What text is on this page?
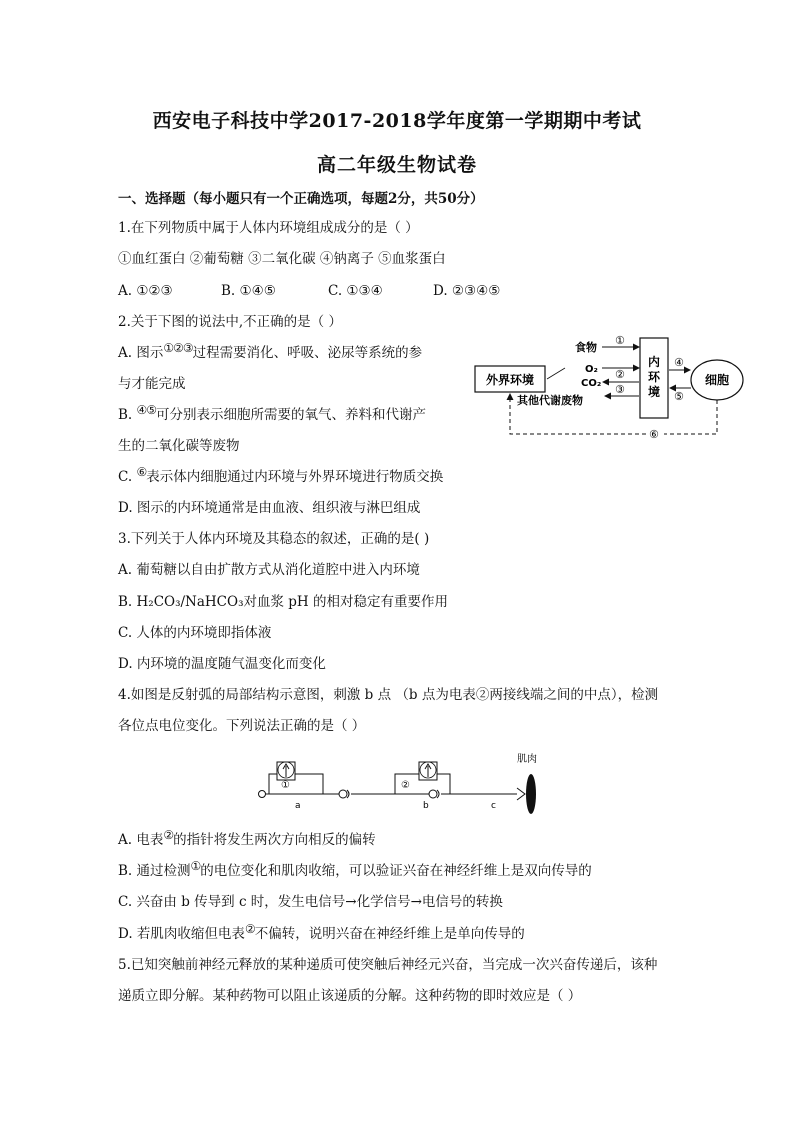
西安电子科技中学2017-2018学年度第一学期期中考试
高二年级生物试卷
一、选择题（每小题只有一个正确选项，每题2分，共50分）
1.在下列物质中属于人体内环境组成成分的是（ ）
①血红蛋白 ②葡萄糖 ③二氧化碳 ④钠离子 ⑤血浆蛋白
A. ①②③	B. ①④⑤	C. ①③④	D. ②③④⑤
2.关于下图的说法中,不正确的是（ ）
A. 图示①②③过程需要消化、呼吸、泌尿等系统的参
与才能完成
B. ④⑤可分别表示细胞所需要的氧气、养料和代谢产
生的二氧化碳等废物
C. ⑥表示体内细胞通过内环境与外界环境进行物质交换
D. 图示的内环境通常是由血液、组织液与淋巴组成
外界环境
内
环
境
细胞
食物
①
O₂
CO₂
②
其他代谢废物
③
④
⑤
⑥
3.下列关于人体内环境及其稳态的叙述，正确的是( )
A. 葡萄糖以自由扩散方式从消化道腔中进入内环境
B. H₂CO₃/NaHCO₃对血浆 pH 的相对稳定有重要作用
C. 人体的内环境即指体液
D. 内环境的温度随气温变化而变化
4.如图是反射弧的局部结构示意图，刺激 b 点 （b 点为电表②两接线端之间的中点），检测
各位点电位变化。下列说法正确的是（ ）
肌肉
①
a
②
b	c
A. 电表②的指针将发生两次方向相反的偏转
B. 通过检测①的电位变化和肌肉收缩，可以验证兴奋在神经纤维上是双向传导的
C. 兴奋由 b 传导到 c 时，发生电信号→化学信号→电信号的转换
D. 若肌肉收缩但电表②不偏转，说明兴奋在神经纤维上是单向传导的
5.已知突触前神经元释放的某种递质可使突触后神经元兴奋，当完成一次兴奋传递后，该种
递质立即分解。某种药物可以阻止该递质的分解。这种药物的即时效应是（ ）
